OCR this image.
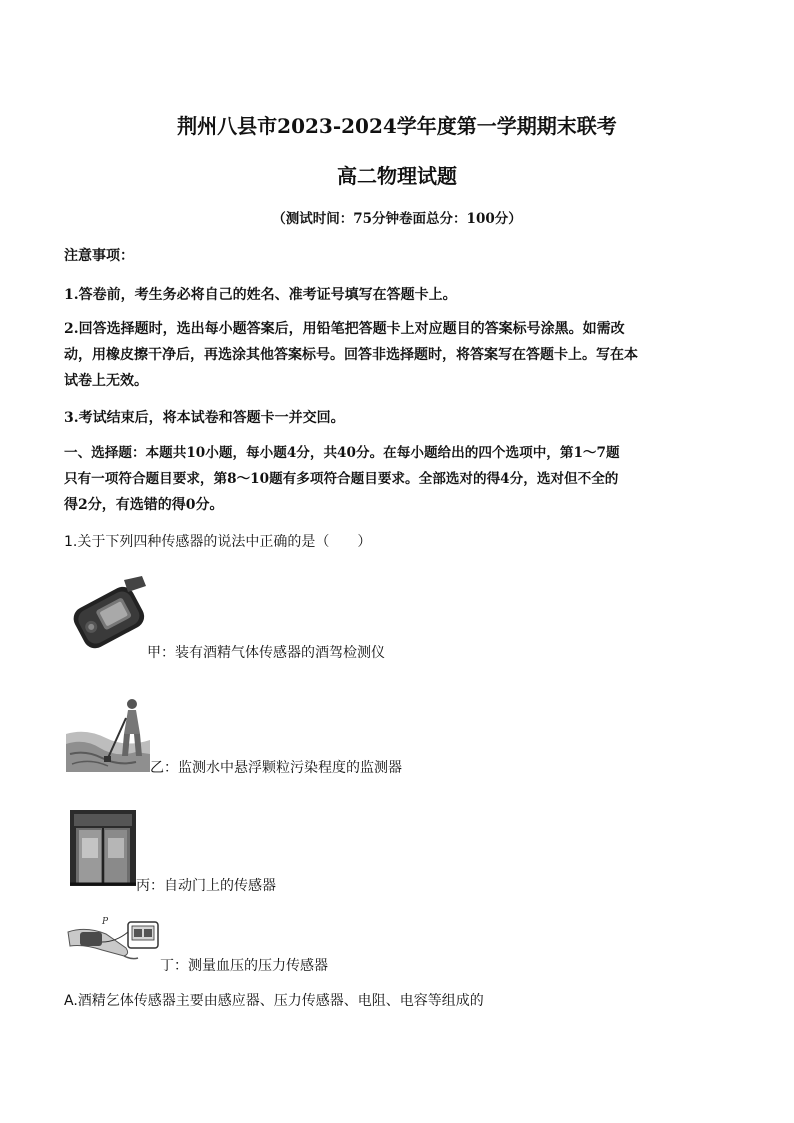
荆州八县市2023-2024学年度第一学期期末联考
高二物理试题
（测试时间：75分钟卷面总分：100分）
注意事项：
1.答卷前，考生务必将自己的姓名、准考证号填写在答题卡上。
2.回答选择题时，选出每小题答案后，用铅笔把答题卡上对应题目的答案标号涂黑。如需改
动，用橡皮擦干净后，再选涂其他答案标号。回答非选择题时，将答案写在答题卡上。写在本
试卷上无效。
3.考试结束后，将本试卷和答题卡一并交回。
一、选择题：本题共10小题，每小题4分，共40分。在每小题给出的四个选项中，第1～7题
只有一项符合题目要求，第8～10题有多项符合题目要求。全部选对的得4分，选对但不全的
得2分，有选错的得0分。
1.关于下列四种传感器的说法中正确的是（　　）
甲：装有酒精气体传感器的酒驾检测仪
乙：监测水中悬浮颗粒污染程度的监测器
丙：自动门上的传感器
P
丁：测量血压的压力传感器
A.酒精乞体传感器主要由感应器、压力传感器、电阻、电容等组成的
